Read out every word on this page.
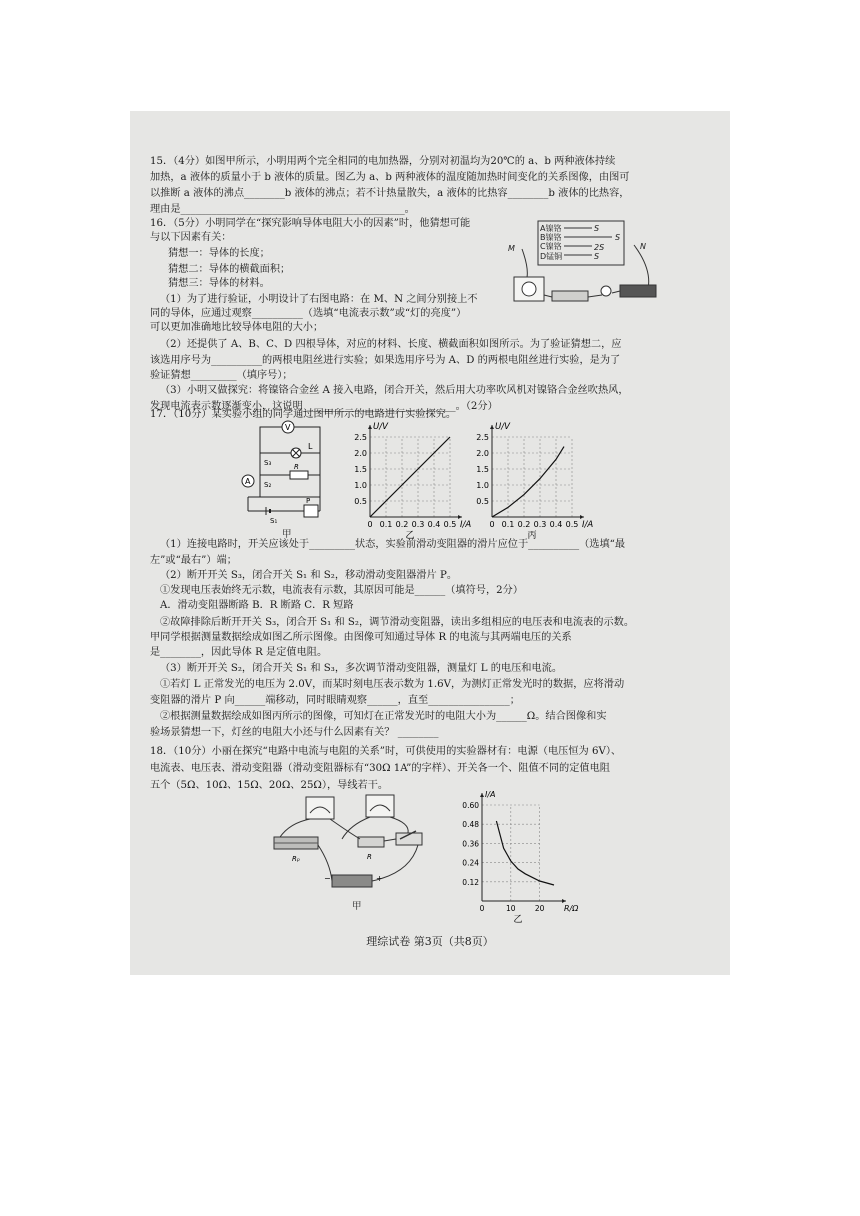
15．（4分）如图甲所示，小明用两个完全相同的电加热器，分别对初温均为20℃的 a、b 两种液体持续
加热，a 液体的质量小于 b 液体的质量。图乙为 a、b 两种液体的温度随加热时间变化的关系图像，由图可
以推断 a 液体的沸点________b 液体的沸点；若不计热量散失，a 液体的比热容________b 液体的比热容，
理由是____________________________________________。
16．（5分）小明同学在“探究影响导体电阻大小的因素”时，他猜想可能
与以下因素有关：
猜想一：导体的长度；
猜想二：导体的横截面积；
猜想三：导体的材料。
（1）为了进行验证，小明设计了右图电路：在 M、N 之间分别接上不
同的导体，应通过观察__________（选填“电流表示数”或“灯的亮度”）
可以更加准确地比较导体电阻的大小；
（2）还提供了 A、B、C、D 四根导体，对应的材料、长度、横截面积如图所示。为了验证猜想二，应
该选用序号为__________的两根电阻丝进行实验；如果选用序号为 A、D 的两根电阻丝进行实验，是为了
验证猜想_________（填序号）；
（3）小明又做探究：将镍铬合金丝 A 接入电路，闭合开关，然后用大功率吹风机对镍铬合金丝吹热风，
发现电流表示数逐渐变小，这说明______________________________。（2分）
A镍铬
B镍铬
C镍铬
D锰铜
S
S
2S
S
M	N
17．（10分）某实验小组的同学通过图甲所示的电路进行实验探究。
V
L
S₃	R
S₂
A
P
S₁
甲
0 0.1 0.2 0.3 0.4 0.5
0.5
1.0
1.5
2.0
2.5
I/A
U/V
乙
0 0.1 0.2 0.3 0.4 0.5
0.5
1.0
1.5
2.0
2.5
I/A
U/V
丙
（1）连接电路时，开关应该处于_________状态，实验前滑动变阻器的滑片应位于__________（选填“最
左”或“最右”）端；
（2）断开开关 S₃，闭合开关 S₁ 和 S₂，移动滑动变阻器滑片 P。
①发现电压表始终无示数，电流表有示数，其原因可能是______（填符号，2分）
A．滑动变阻器断路 B．R 断路 C．R 短路
②故障排除后断开开关 S₃，闭合开 S₁ 和 S₂，调节滑动变阻器，读出多组相应的电压表和电流表的示数。
甲同学根据测量数据绘成如图乙所示图像。由图像可知通过导体 R 的电流与其两端电压的关系
是________，因此导体 R 是定值电阻。
（3）断开开关 S₂，闭合开关 S₁ 和 S₃，多次调节滑动变阻器，测量灯 L 的电压和电流。
①若灯 L 正常发光的电压为 2.0V，而某时刻电压表示数为 1.6V，为测灯正常发光时的数据，应将滑动
变阻器的滑片 P 向______端移动，同时眼睛观察______，直至________________；
②根据测量数据绘成如图丙所示的图像，可知灯在正常发光时的电阻大小为______Ω。结合图像和实
验场景猜想一下，灯丝的电阻大小还与什么因素有关？ ________
18．（10分）小丽在探究“电路中电流与电阻的关系”时，可供使用的实验器材有：电源（电压恒为 6V）、
电流表、电压表、滑动变阻器（滑动变阻器标有“30Ω 1A”的字样）、开关各一个、阻值不同的定值电阻
五个（5Ω、10Ω、15Ω、20Ω、25Ω），导线若干。
Rₚ	R
−	+
甲	0	10	20
0.12
0.24
0.36
0.48
0.60
R/Ω
I/A
乙
理综试卷 第3页（共8页）
